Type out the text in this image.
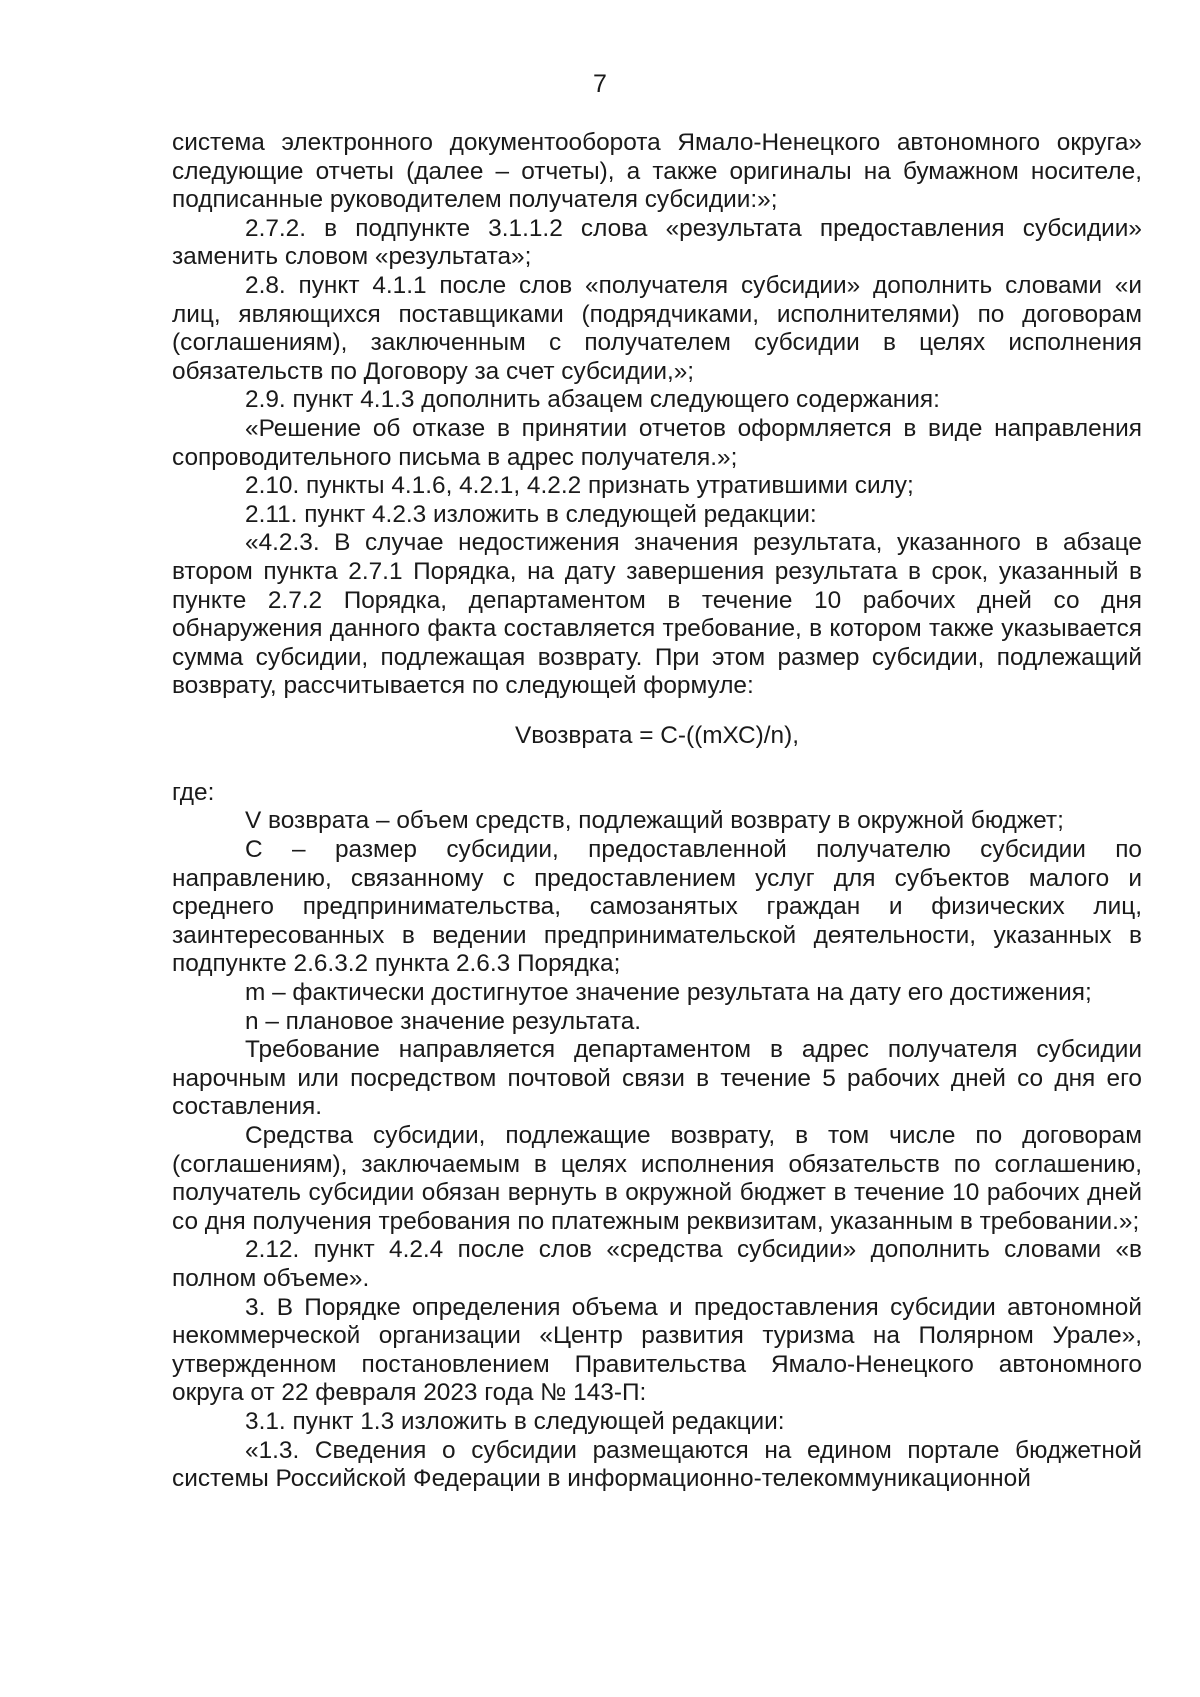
7

система электронного документооборота Ямало-Ненецкого автономного округа» следующие отчеты (далее – отчеты), а также оригиналы на бумажном носителе, подписанные руководителем получателя субсидии:»;

2.7.2. в подпункте 3.1.1.2 слова «результата предоставления субсидии» заменить словом «результата»;

2.8. пункт 4.1.1 после слов «получателя субсидии» дополнить словами «и лиц, являющихся поставщиками (подрядчиками, исполнителями) по договорам (соглашениям), заключенным с получателем субсидии в целях исполнения обязательств по Договору за счет субсидии,»;

2.9. пункт 4.1.3 дополнить абзацем следующего содержания:

«Решение об отказе в принятии отчетов оформляется в виде направления сопроводительного письма в адрес получателя.»;

2.10. пункты 4.1.6, 4.2.1, 4.2.2 признать утратившими силу;

2.11. пункт 4.2.3 изложить в следующей редакции:

«4.2.3. В случае недостижения значения результата, указанного в абзаце втором пункта 2.7.1 Порядка, на дату завершения результата в срок, указанный в пункте 2.7.2 Порядка, департаментом в течение 10 рабочих дней со дня обнаружения данного факта составляется требование, в котором также указывается сумма субсидии, подлежащая возврату. При этом размер субсидии, подлежащий возврату, рассчитывается по следующей формуле:

Vвозврата = С-((mХС)/n),

где:

V возврата – объем средств, подлежащий возврату в окружной бюджет;

С – размер субсидии, предоставленной получателю субсидии по направлению, связанному с предоставлением услуг для субъектов малого и среднего предпринимательства, самозанятых граждан и физических лиц, заинтересованных в ведении предпринимательской деятельности, указанных в подпункте 2.6.3.2 пункта 2.6.3 Порядка;

m – фактически достигнутое значение результата на дату его достижения;

n – плановое значение результата.

Требование направляется департаментом в адрес получателя субсидии нарочным или посредством почтовой связи в течение 5 рабочих дней со дня его составления.

Средства субсидии, подлежащие возврату, в том числе по договорам (соглашениям), заключаемым в целях исполнения обязательств по соглашению, получатель субсидии обязан вернуть в окружной бюджет в течение 10 рабочих дней со дня получения требования по платежным реквизитам, указанным в требовании.»;

2.12. пункт 4.2.4 после слов «средства субсидии» дополнить словами «в полном объеме».

3. В Порядке определения объема и предоставления субсидии автономной некоммерческой организации «Центр развития туризма на Полярном Урале», утвержденном постановлением Правительства Ямало-Ненецкого автономного округа от 22 февраля 2023 года № 143-П:

3.1. пункт 1.3 изложить в следующей редакции:

«1.3. Сведения о субсидии размещаются на едином портале бюджетной системы Российской Федерации в информационно-телекоммуникационной
